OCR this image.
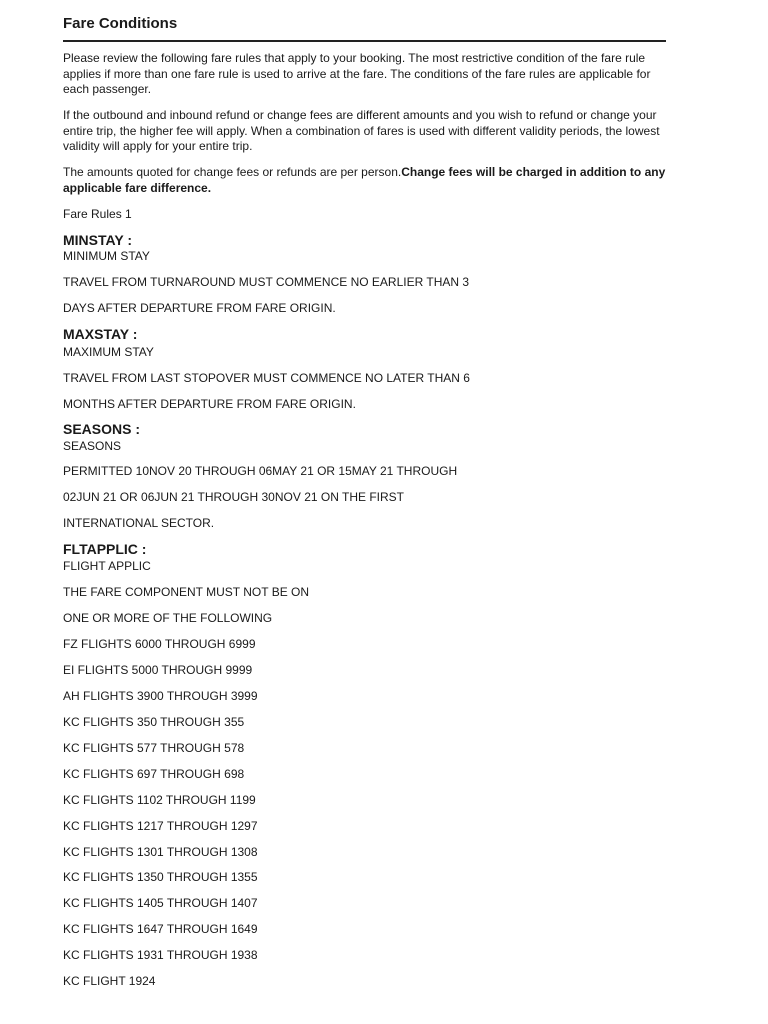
Fare Conditions

Please review the following fare rules that apply to your booking. The most restrictive condition of the fare rule applies if more than one fare rule is used to arrive at the fare. The conditions of the fare rules are applicable for each passenger.

If the outbound and inbound refund or change fees are different amounts and you wish to refund or change your entire trip, the higher fee will apply. When a combination of fares is used with different validity periods, the lowest validity will apply for your entire trip.

The amounts quoted for change fees or refunds are per person.Change fees will be charged in addition to any applicable fare difference.

Fare Rules 1
MINSTAY :
MINIMUM STAY
TRAVEL FROM TURNAROUND MUST COMMENCE NO EARLIER THAN 3
DAYS AFTER DEPARTURE FROM FARE ORIGIN.
MAXSTAY :
MAXIMUM STAY
TRAVEL FROM LAST STOPOVER MUST COMMENCE NO LATER THAN 6
MONTHS AFTER DEPARTURE FROM FARE ORIGIN.
SEASONS :
SEASONS
PERMITTED 10NOV 20 THROUGH 06MAY 21 OR 15MAY 21 THROUGH
02JUN 21 OR 06JUN 21 THROUGH 30NOV 21 ON THE FIRST
INTERNATIONAL SECTOR.
FLTAPPLIC :
FLIGHT APPLIC
THE FARE COMPONENT MUST NOT BE ON
ONE OR MORE OF THE FOLLOWING
FZ FLIGHTS 6000 THROUGH 6999
EI FLIGHTS 5000 THROUGH 9999
AH FLIGHTS 3900 THROUGH 3999
KC FLIGHTS 350 THROUGH 355
KC FLIGHTS 577 THROUGH 578
KC FLIGHTS 697 THROUGH 698
KC FLIGHTS 1102 THROUGH 1199
KC FLIGHTS 1217 THROUGH 1297
KC FLIGHTS 1301 THROUGH 1308
KC FLIGHTS 1350 THROUGH 1355
KC FLIGHTS 1405 THROUGH 1407
KC FLIGHTS 1647 THROUGH 1649
KC FLIGHTS 1931 THROUGH 1938
KC FLIGHT 1924
